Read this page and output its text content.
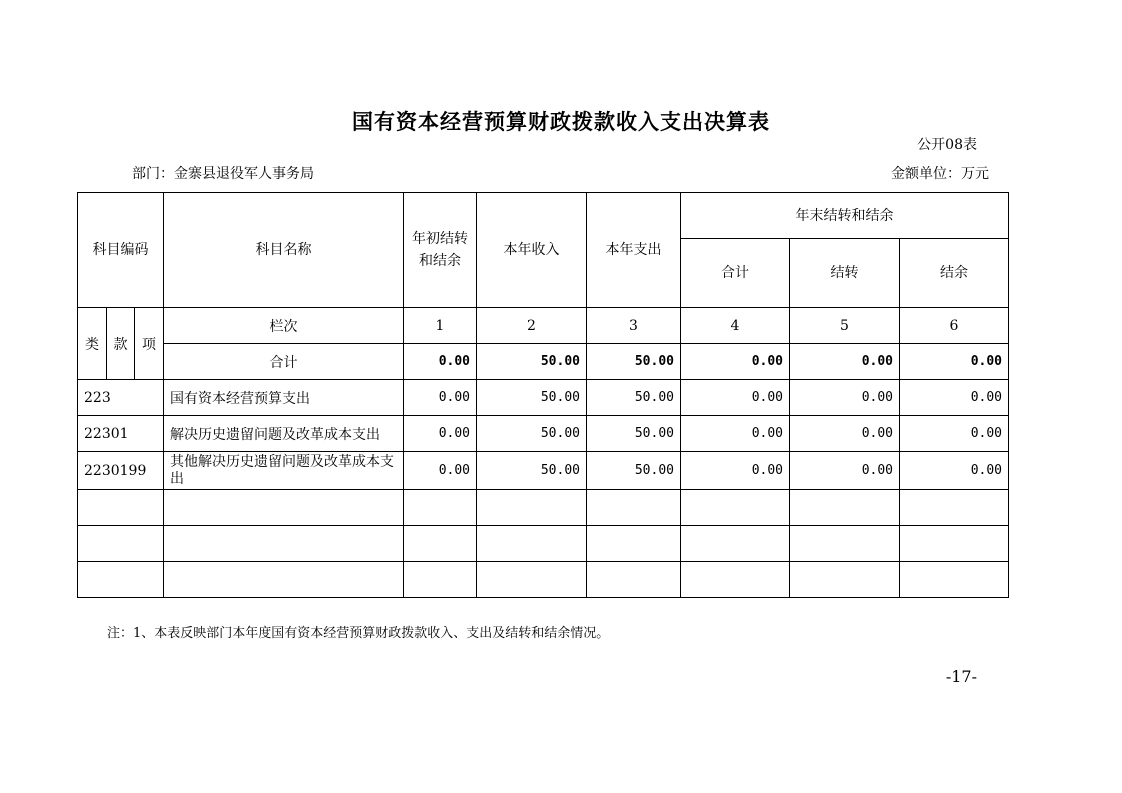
国有资本经营预算财政拨款收入支出决算表
公开08表
部门：金寨县退役军人事务局	金额单位：万元
科目编码			科目名称	年初结转和结余	本年收入	本年支出	年末结转和结余		
							合计	结转	结余
类	款	项	栏次	1	2	3	4	5	6
			合计	0.00	50.00	50.00	0.00	0.00	0.00
223			国有资本经营预算支出	0.00	50.00	50.00	0.00	0.00	0.00
22301			解决历史遗留问题及改革成本支出	0.00	50.00	50.00	0.00	0.00	0.00
2230199			其他解决历史遗留问题及改革成本支出	0.00	50.00	50.00	0.00	0.00	0.00

注：1、本表反映部门本年度国有资本经营预算财政拨款收入、支出及结转和结余情况。
-17-
